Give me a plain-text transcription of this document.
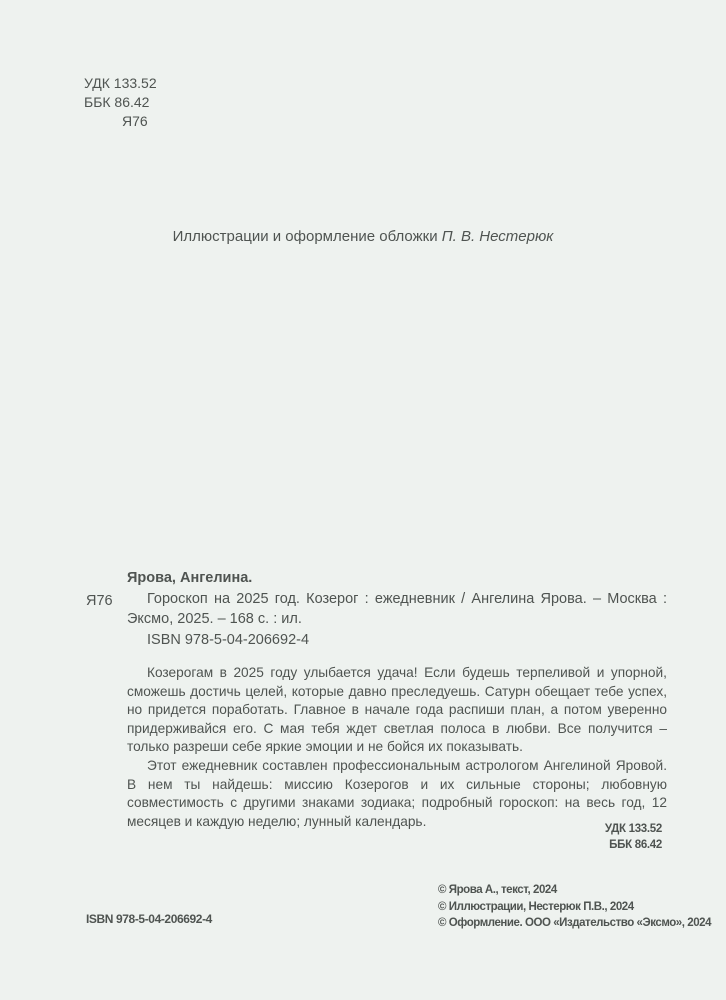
УДК 133.52
ББК 86.42
Я76
Иллюстрации и оформление обложки П. В. Нестерюк
Ярова, Ангелина.
Я76	Гороскоп на 2025 год. Козерог : ежедневник / Ангелина Ярова. – Москва : Эксмо, 2025. – 168 с. : ил.
ISBN 978-5-04-206692-4

Козерогам в 2025 году улыбается удача! Если будешь терпеливой и упорной, сможешь достичь целей, которые давно преследуешь. Сатурн обещает тебе успех, но придется поработать. Главное в начале года распиши план, а потом уверенно придерживайся его. С мая тебя ждет светлая полоса в любви. Все получится – только разреши себе яркие эмоции и не бойся их показывать.

Этот ежедневник составлен профессиональным астрологом Ангелиной Яровой. В нем ты найдешь: миссию Козерогов и их сильные стороны; любовную совместимость с другими знаками зодиака; подробный гороскоп: на весь год, 12 месяцев и каждую неделю; лунный календарь.

УДК 133.52
ББК 86.42
ISBN 978-5-04-206692-4
© Ярова А., текст, 2024
© Иллюстрации, Нестерюк П.В., 2024
© Оформление. ООО «Издательство «Эксмо», 2024
